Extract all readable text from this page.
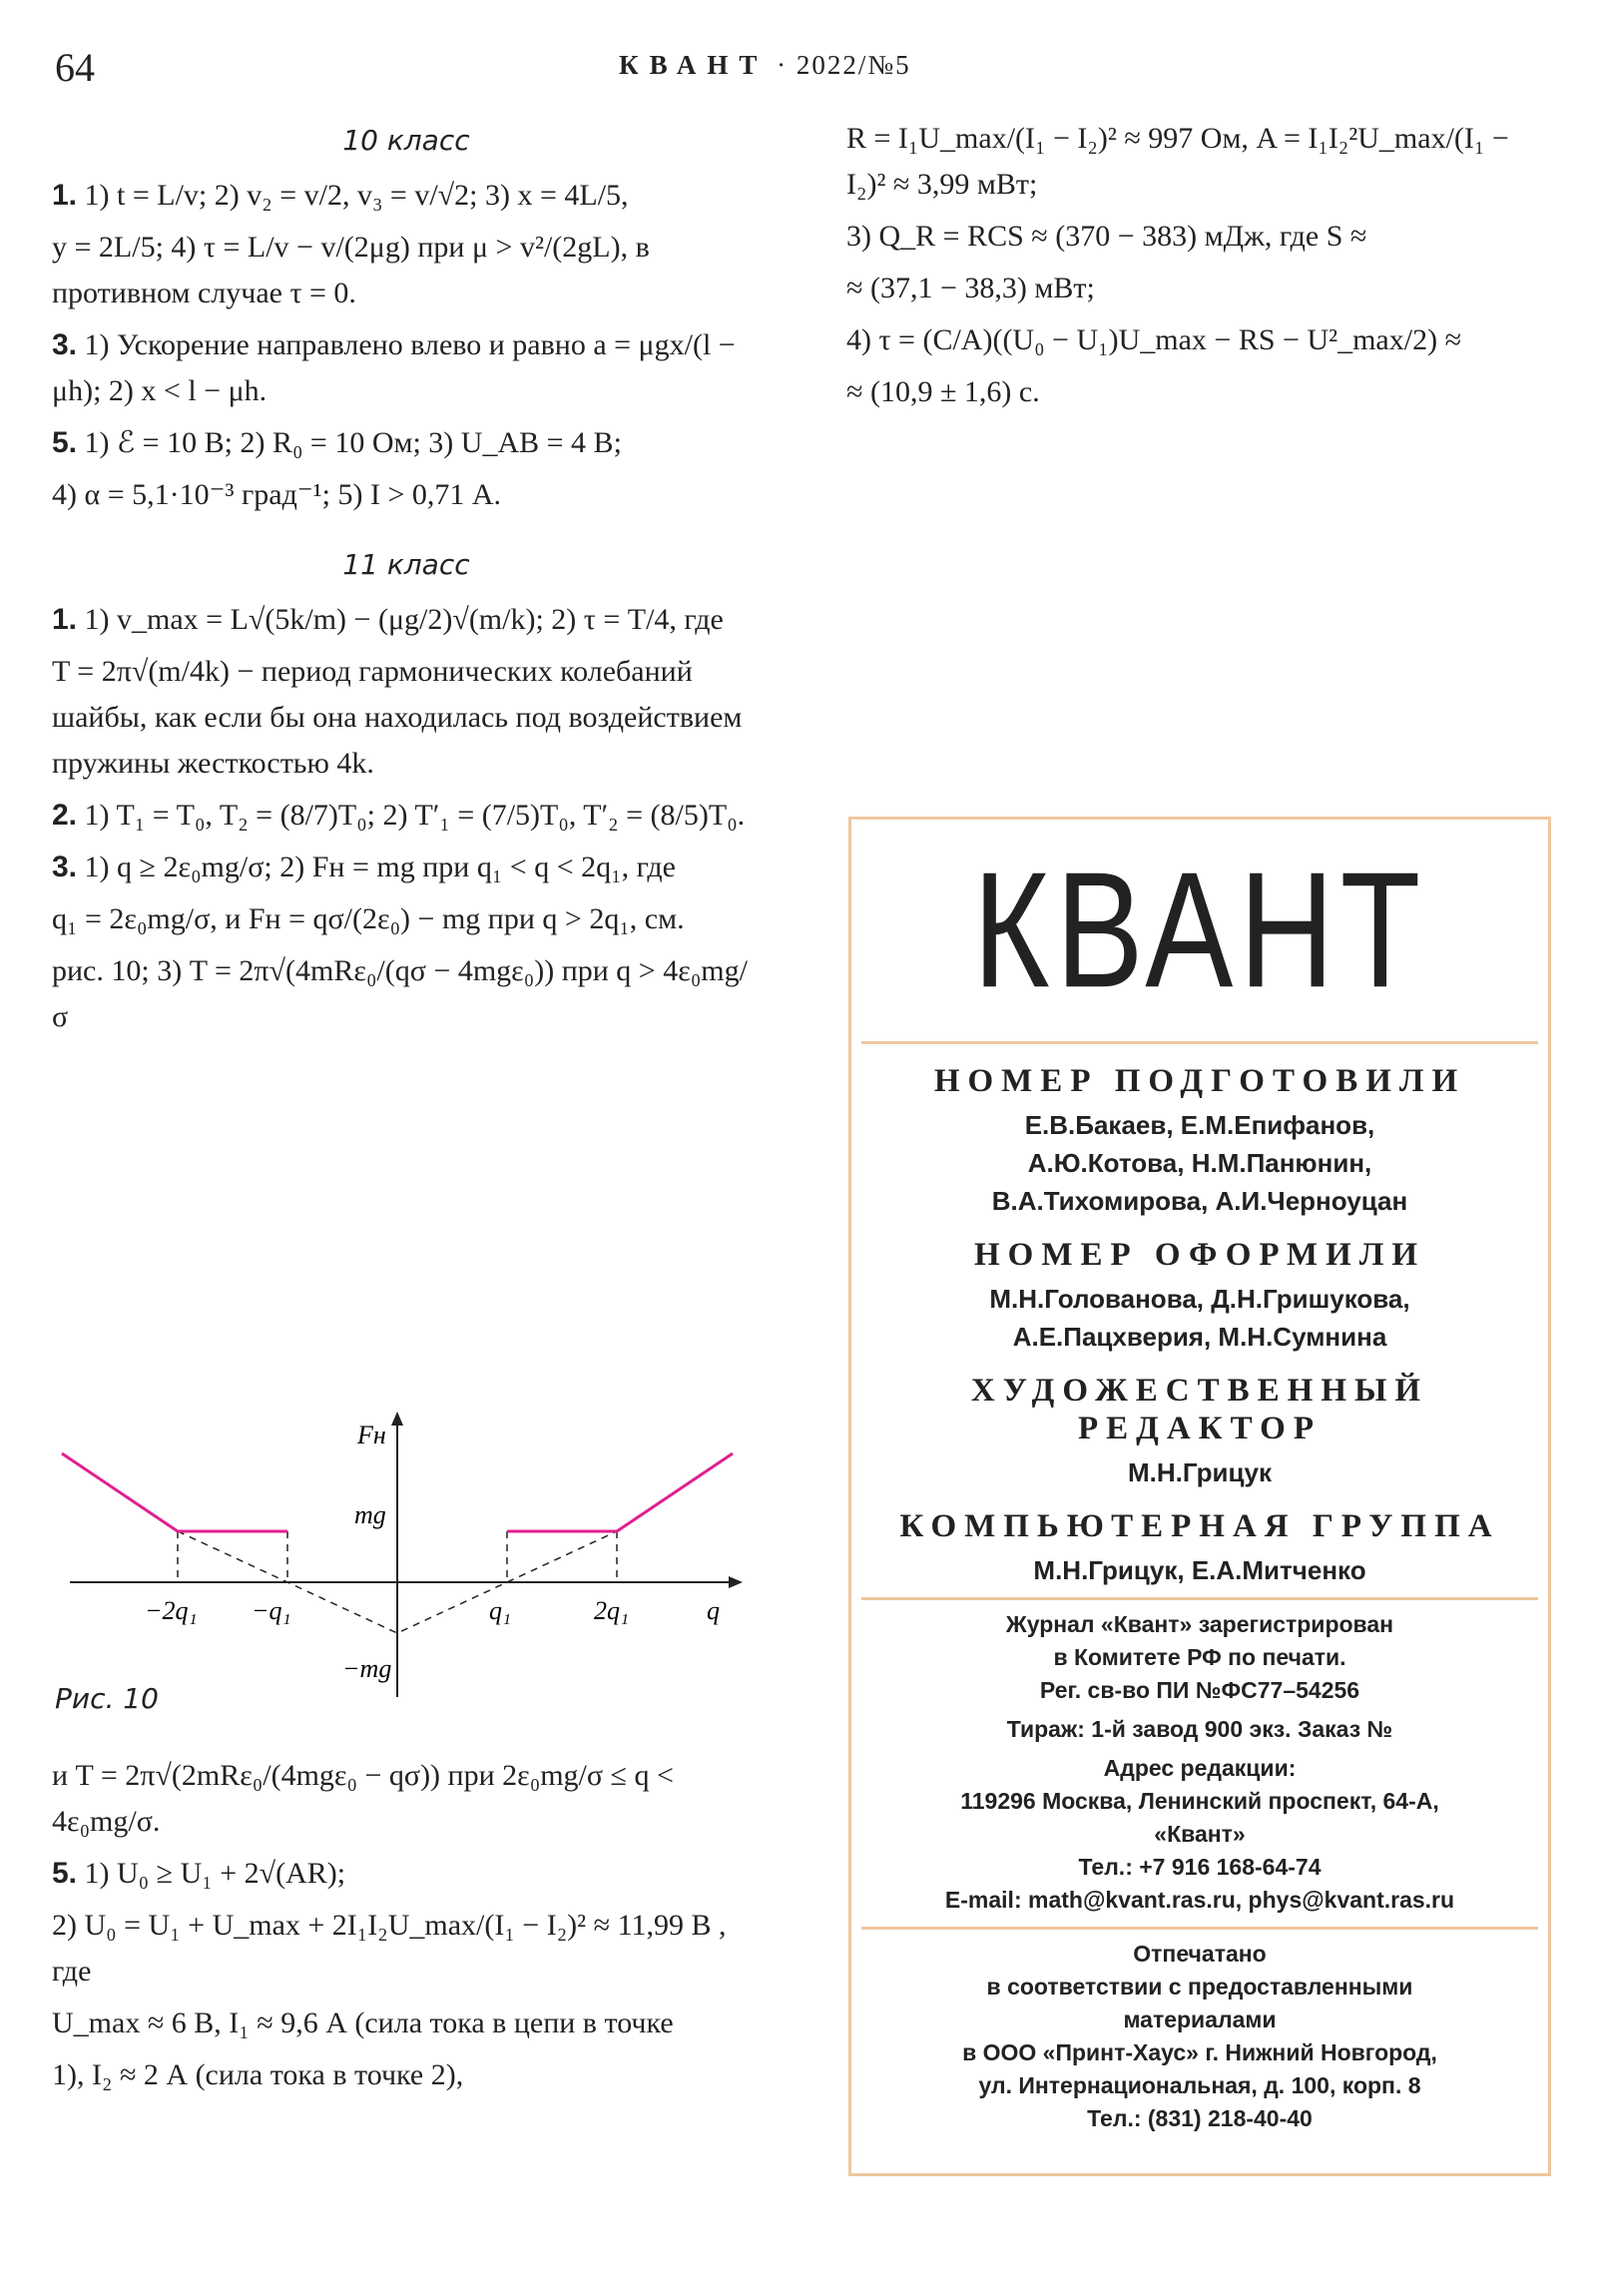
64	КВАНТ · 2022/№5
10 класс
1. 1) t = L/v; 2) v₂ = v/2, v₃ = v/√2; 3) x = 4L/5,
y = 2L/5; 4) τ = L/v − v/(2μg) при μ > v²/(2gL), в противном случае τ = 0.
3. 1) Ускорение направлено влево и равно a = μgx/(l − μh); 2) x < l − μh.
5. 1) ℰ = 10 В; 2) R₀ = 10 Ом; 3) U_AB = 4 В;
4) α = 5,1·10⁻³ град⁻¹; 5) I > 0,71 А.
11 класс
1. 1) v_max = L√(5k/m) − (μg/2)√(m/k); 2) τ = T/4, где
T = 2π√(m/4k) − период гармонических колебаний шайбы, как если бы она находилась под воздействием пружины жесткостью 4k.
2. 1) T₁ = T₀, T₂ = (8/7)T₀; 2) T′₁ = (7/5)T₀, T′₂ = (8/5)T₀.
3. 1) q ≥ 2ε₀mg/σ; 2) Fн = mg при q₁ < q < 2q₁, где
q₁ = 2ε₀mg/σ, и Fн = qσ/(2ε₀) − mg при q > 2q₁, см.
рис. 10; 3) T = 2π√(4mRε₀/(qσ − 4mgε₀)) при q > 4ε₀mg/σ
mg
−mg
Fн
q
−2q₁ −q₁	q₁	2q₁
Рис. 10
и T = 2π√(2mRε₀/(4mgε₀ − qσ)) при 2ε₀mg/σ ≤ q < 4ε₀mg/σ.
5. 1) U₀ ≥ U₁ + 2√(AR);
2) U₀ = U₁ + U_max + 2I₁I₂U_max/(I₁ − I₂)² ≈ 11,99 В , где
U_max ≈ 6 В, I₁ ≈ 9,6 А (сила тока в цепи в точке
1), I₂ ≈ 2 А (сила тока в точке 2),
R = I₁U_max/(I₁ − I₂)² ≈ 997 Ом, A = I₁I₂²U_max/(I₁ − I₂)² ≈ 3,99 мВт;
3) Q_R = RCS ≈ (370 − 383) мДж, где S ≈
≈ (37,1 − 38,3) мВт;
4) τ = (C/A)((U₀ − U₁)U_max − RS − U²_max/2) ≈
≈ (10,9 ± 1,6) с.
КВАНТ
НОМЕР ПОДГОТОВИЛИ
Е.В.Бакаев, Е.М.Епифанов,
А.Ю.Котова, Н.М.Панюнин,
В.А.Тихомирова, А.И.Черноуцан
НОМЕР ОФОРМИЛИ
М.Н.Голованова, Д.Н.Гришукова,
А.Е.Пацхверия, М.Н.Сумнина
ХУДОЖЕСТВЕННЫЙ
РЕДАКТОР
М.Н.Грицук
КОМПЬЮТЕРНАЯ ГРУППА
М.Н.Грицук, Е.А.Митченко
Журнал «Квант» зарегистрирован
в Комитете РФ по печати.
Рег. св-во ПИ №ФС77–54256
Тираж: 1-й завод 900 экз. Заказ №
Адрес редакции:
119296 Москва, Ленинский проспект, 64-А,
«Квант»
Тел.: +7 916 168-64-74
E-mail: math@kvant.ras.ru, phys@kvant.ras.ru
Отпечатано
в соответствии с предоставленными
материалами
в ООО «Принт-Хаус» г. Нижний Новгород,
ул. Интернациональная, д. 100, корп. 8
Тел.: (831) 218-40-40
